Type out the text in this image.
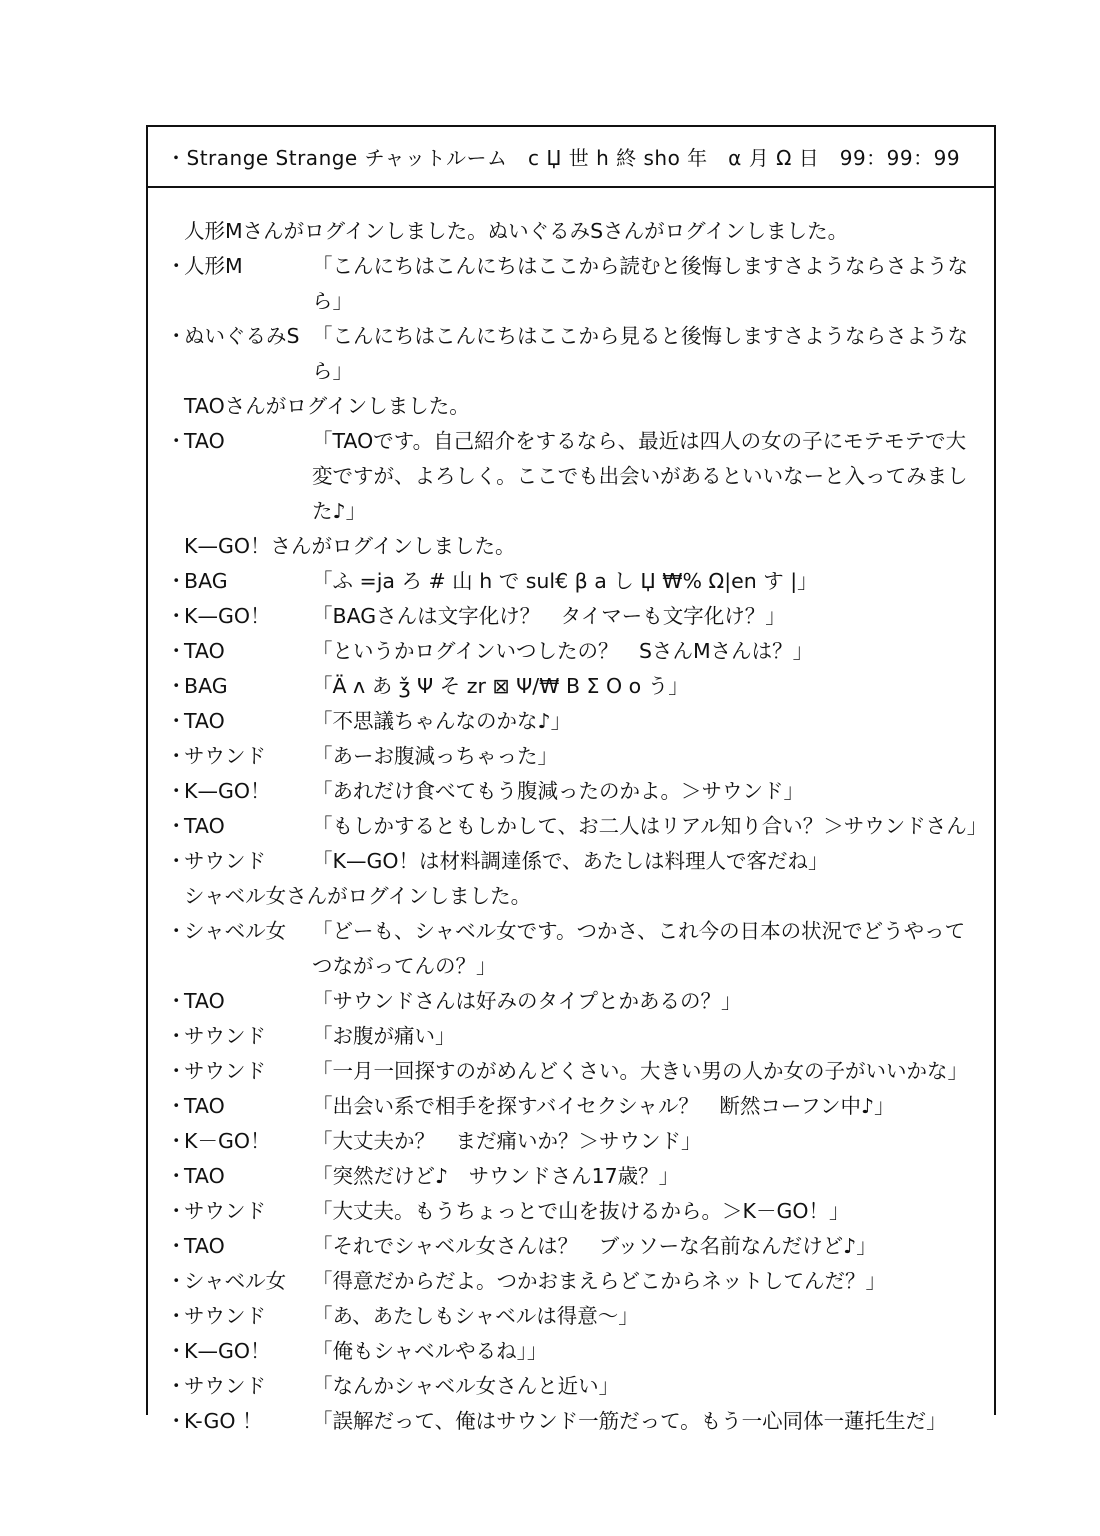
・ Strange Strange チャットルーム　c Џ 世 h 終 sho 年　α 月 Ω 日　99：99：99
人形Mさんがログインしました。ぬいぐるみSさんがログインしました。
・
人形M	「こんにちはこんにちはここから読むと後悔しますさようならさようなら」
・
ぬいぐるみS 「こんにちはこんにちはここから見ると後悔しますさようならさようなら」
TAOさんがログインしました。
・
TAO	「TAOです。自己紹介をするなら、最近は四人の女の子にモテモテで大変ですが、よろしく。ここでも出会いがあるといいなーと入ってみました♪」
K—GO！さんがログインしました。
・
BAG	「ふ =ja ろ # 山 h で sul€ β a し Џ ₩% Ω|en す |」
・
K—GO！	「BAGさんは文字化け？　タイマーも文字化け？」
・
TAO	「というかログインいつしたの？　SさんMさんは？」
・
BAG	「Ä ʌ あ ǯ Ψ そ zr ⊠ Ψ/₩ B Σ O o う」
・
TAO	「不思議ちゃんなのかな♪」
・
サウンド	「あーお腹減っちゃった」
・
K—GO！	「あれだけ食べてもう腹減ったのかよ。＞サウンド」
・
TAO	「もしかするともしかして、お二人はリアル知り合い？＞サウンドさん」
・
サウンド	「K—GO！は材料調達係で、あたしは料理人で客だね」
シャベル女さんがログインしました。
・
シャベル女	「どーも、シャベル女です。つかさ、これ今の日本の状況でどうやってつながってんの？」
・
TAO	「サウンドさんは好みのタイプとかあるの？」
・
サウンド	「お腹が痛い」
・
サウンド	「一月一回探すのがめんどくさい。大きい男の人か女の子がいいかな」
・
TAO	「出会い系で相手を探すバイセクシャル？　断然コーフン中♪」
・
K－GO！	「大丈夫か？　まだ痛いか？＞サウンド」
・
TAO	「突然だけど♪　サウンドさん17歳？」
・
サウンド	「大丈夫。もうちょっとで山を抜けるから。＞K－GO！」
・
TAO	「それでシャベル女さんは？　ブッソーな名前なんだけど♪」
・
シャベル女	「得意だからだよ。つかおまえらどこからネットしてんだ？」
・
サウンド	「あ、あたしもシャベルは得意～」
・
K—GO！	「俺もシャベルやるね」」
・
サウンド	「なんかシャベル女さんと近い」
・
K-GO ！	「誤解だって、俺はサウンド一筋だって。もう一心同体一蓮托生だ」
